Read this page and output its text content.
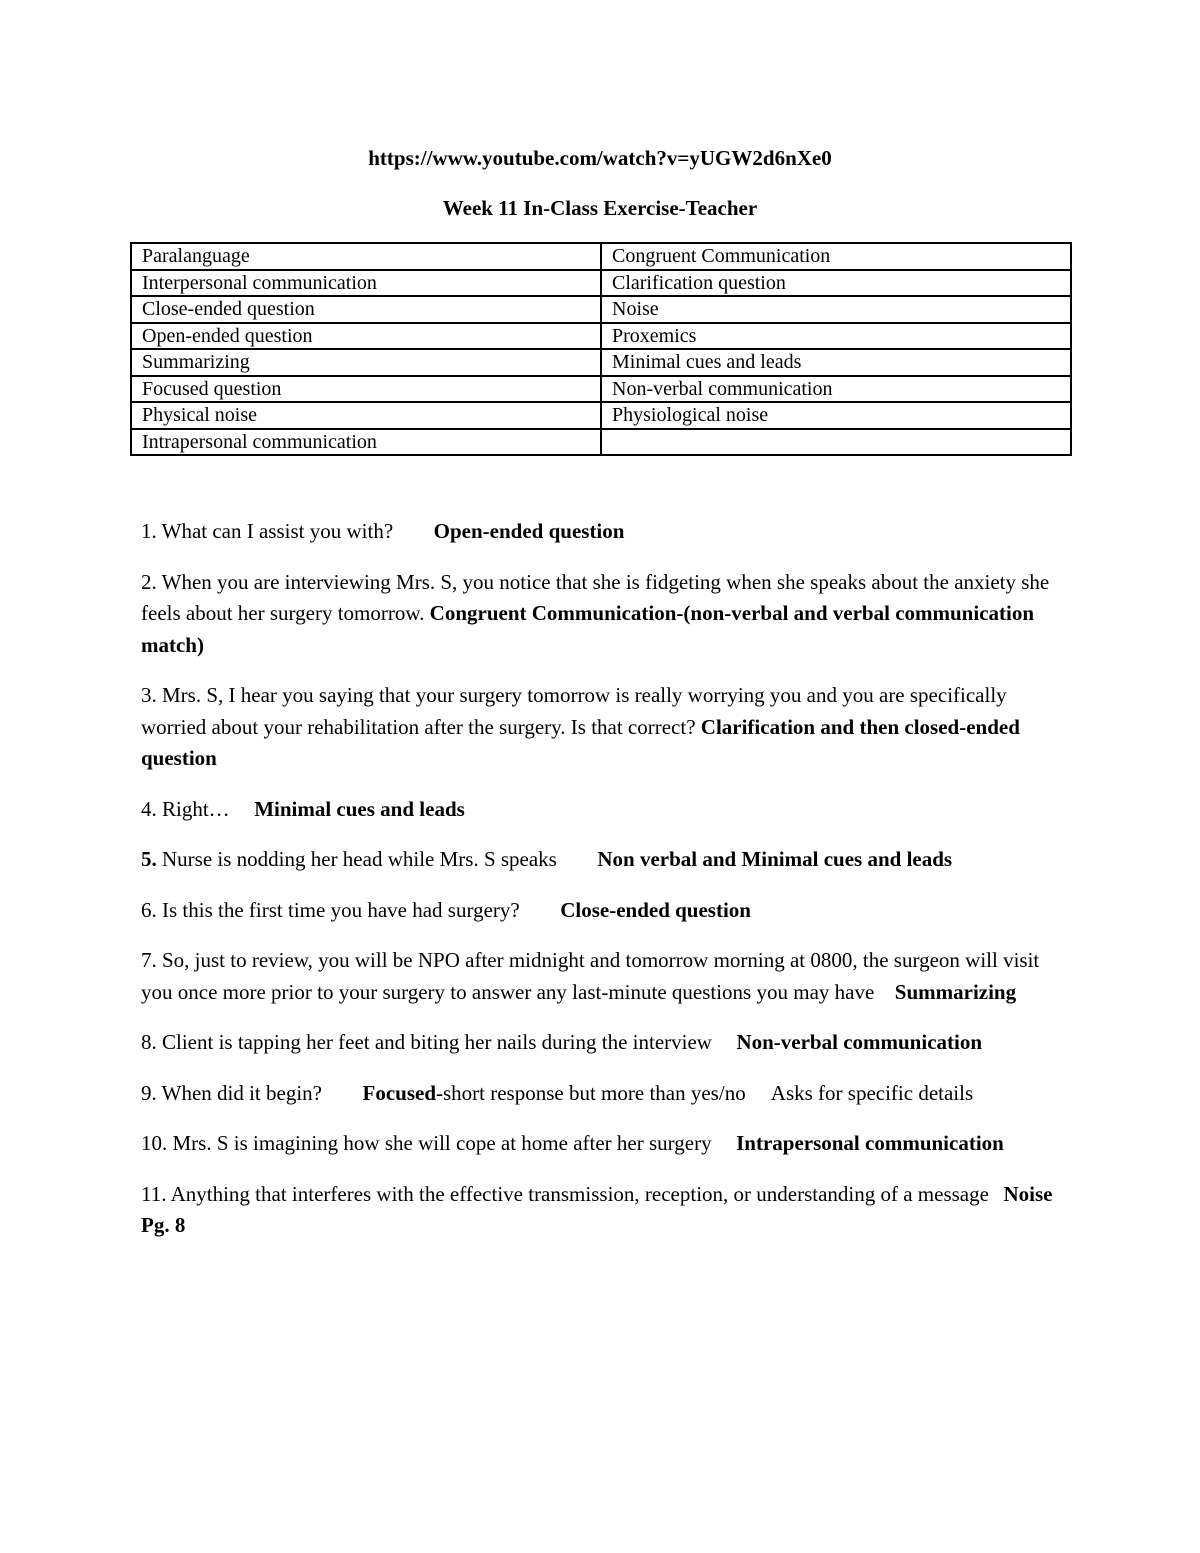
https://www.youtube.com/watch?v=yUGW2d6nXe0
Week 11 In-Class Exercise-Teacher
Paralanguage	Congruent Communication
Interpersonal communication	Clarification question
Close-ended question	Noise
Open-ended question	Proxemics
Summarizing	Minimal cues and leads
Focused question	Non-verbal communication
Physical noise	Physiological noise
Intrapersonal communication	

1. What can I assist you with? Open-ended question

2. When you are interviewing Mrs. S, you notice that she is fidgeting when she speaks about the anxiety she feels about her surgery tomorrow. Congruent Communication-(non-verbal and verbal communication match)

3. Mrs. S, I hear you saying that your surgery tomorrow is really worrying you and you are specifically worried about your rehabilitation after the surgery. Is that correct? Clarification and then closed-ended question

4. Right… Minimal cues and leads

5. Nurse is nodding her head while Mrs. S speaks Non verbal and Minimal cues and leads

6. Is this the first time you have had surgery? Close-ended question

7. So, just to review, you will be NPO after midnight and tomorrow morning at 0800, the surgeon will visit you once more prior to your surgery to answer any last-minute questions you may have Summarizing

8. Client is tapping her feet and biting her nails during the interview Non-verbal communication

9. When did it begin? Focused-short response but more than yes/no     Asks for specific details

10. Mrs. S is imagining how she will cope at home after her surgery Intrapersonal communication

11. Anything that interferes with the effective transmission, reception, or understanding of a message Noise Pg. 8
